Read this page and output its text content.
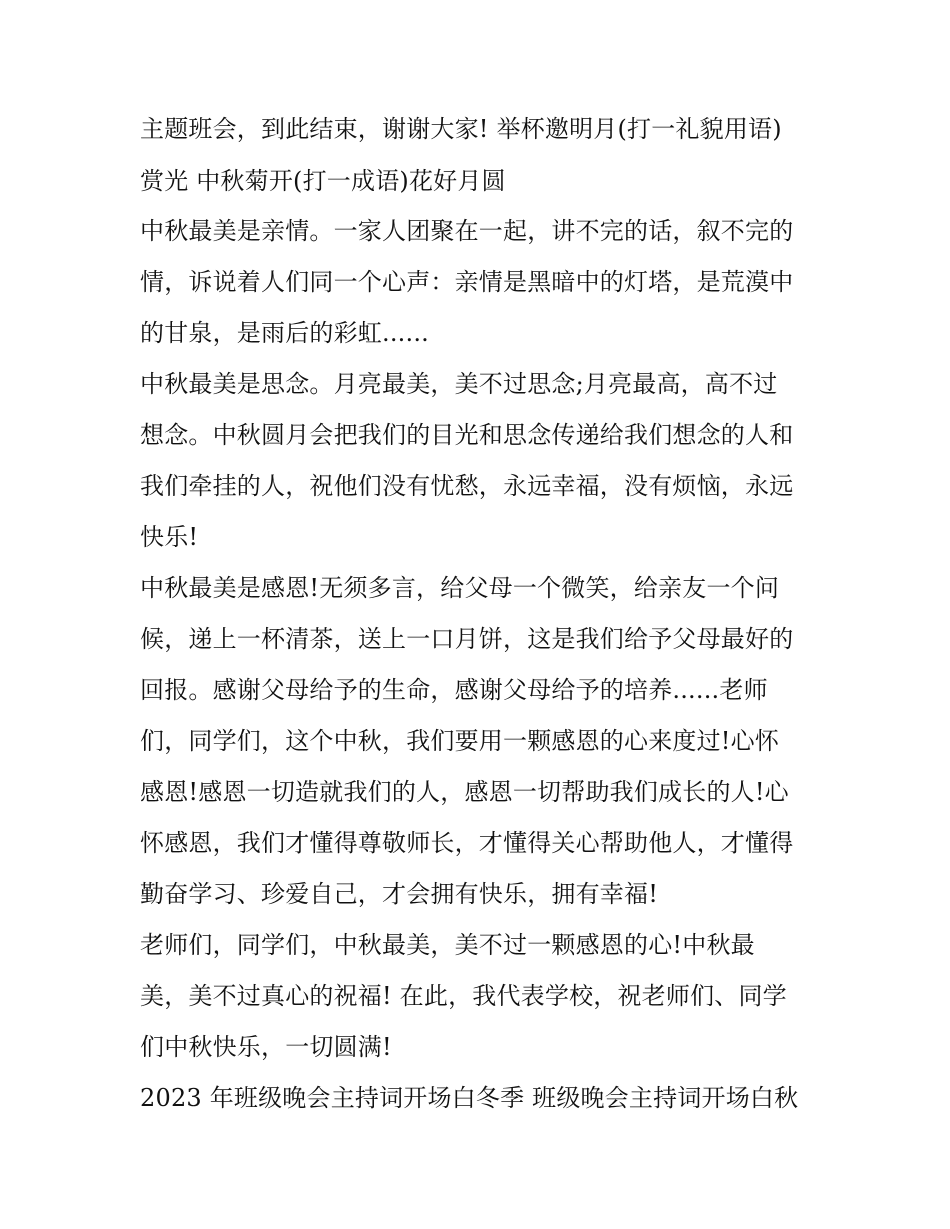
主题班会，到此结束，谢谢大家! 举杯邀明月(打一礼貌用语)
赏光 中秋菊开(打一成语)花好月圆
中秋最美是亲情。一家人团聚在一起，讲不完的话，叙不完的
情，诉说着人们同一个心声：亲情是黑暗中的灯塔，是荒漠中
的甘泉，是雨后的彩虹......
中秋最美是思念。月亮最美，美不过思念;月亮最高，高不过
想念。中秋圆月会把我们的目光和思念传递给我们想念的人和
我们牵挂的人，祝他们没有忧愁，永远幸福，没有烦恼，永远
快乐!
中秋最美是感恩!无须多言，给父母一个微笑，给亲友一个问
候，递上一杯清茶，送上一口月饼，这是我们给予父母最好的
回报。感谢父母给予的生命，感谢父母给予的培养......老师
们，同学们，这个中秋，我们要用一颗感恩的心来度过!心怀
感恩!感恩一切造就我们的人，感恩一切帮助我们成长的人!心
怀感恩，我们才懂得尊敬师长，才懂得关心帮助他人，才懂得
勤奋学习、珍爱自己，才会拥有快乐，拥有幸福!
老师们，同学们，中秋最美，美不过一颗感恩的心!中秋最
美，美不过真心的祝福! 在此，我代表学校，祝老师们、同学
们中秋快乐，一切圆满!
2023 年班级晚会主持词开场白冬季 班级晚会主持词开场白秋
